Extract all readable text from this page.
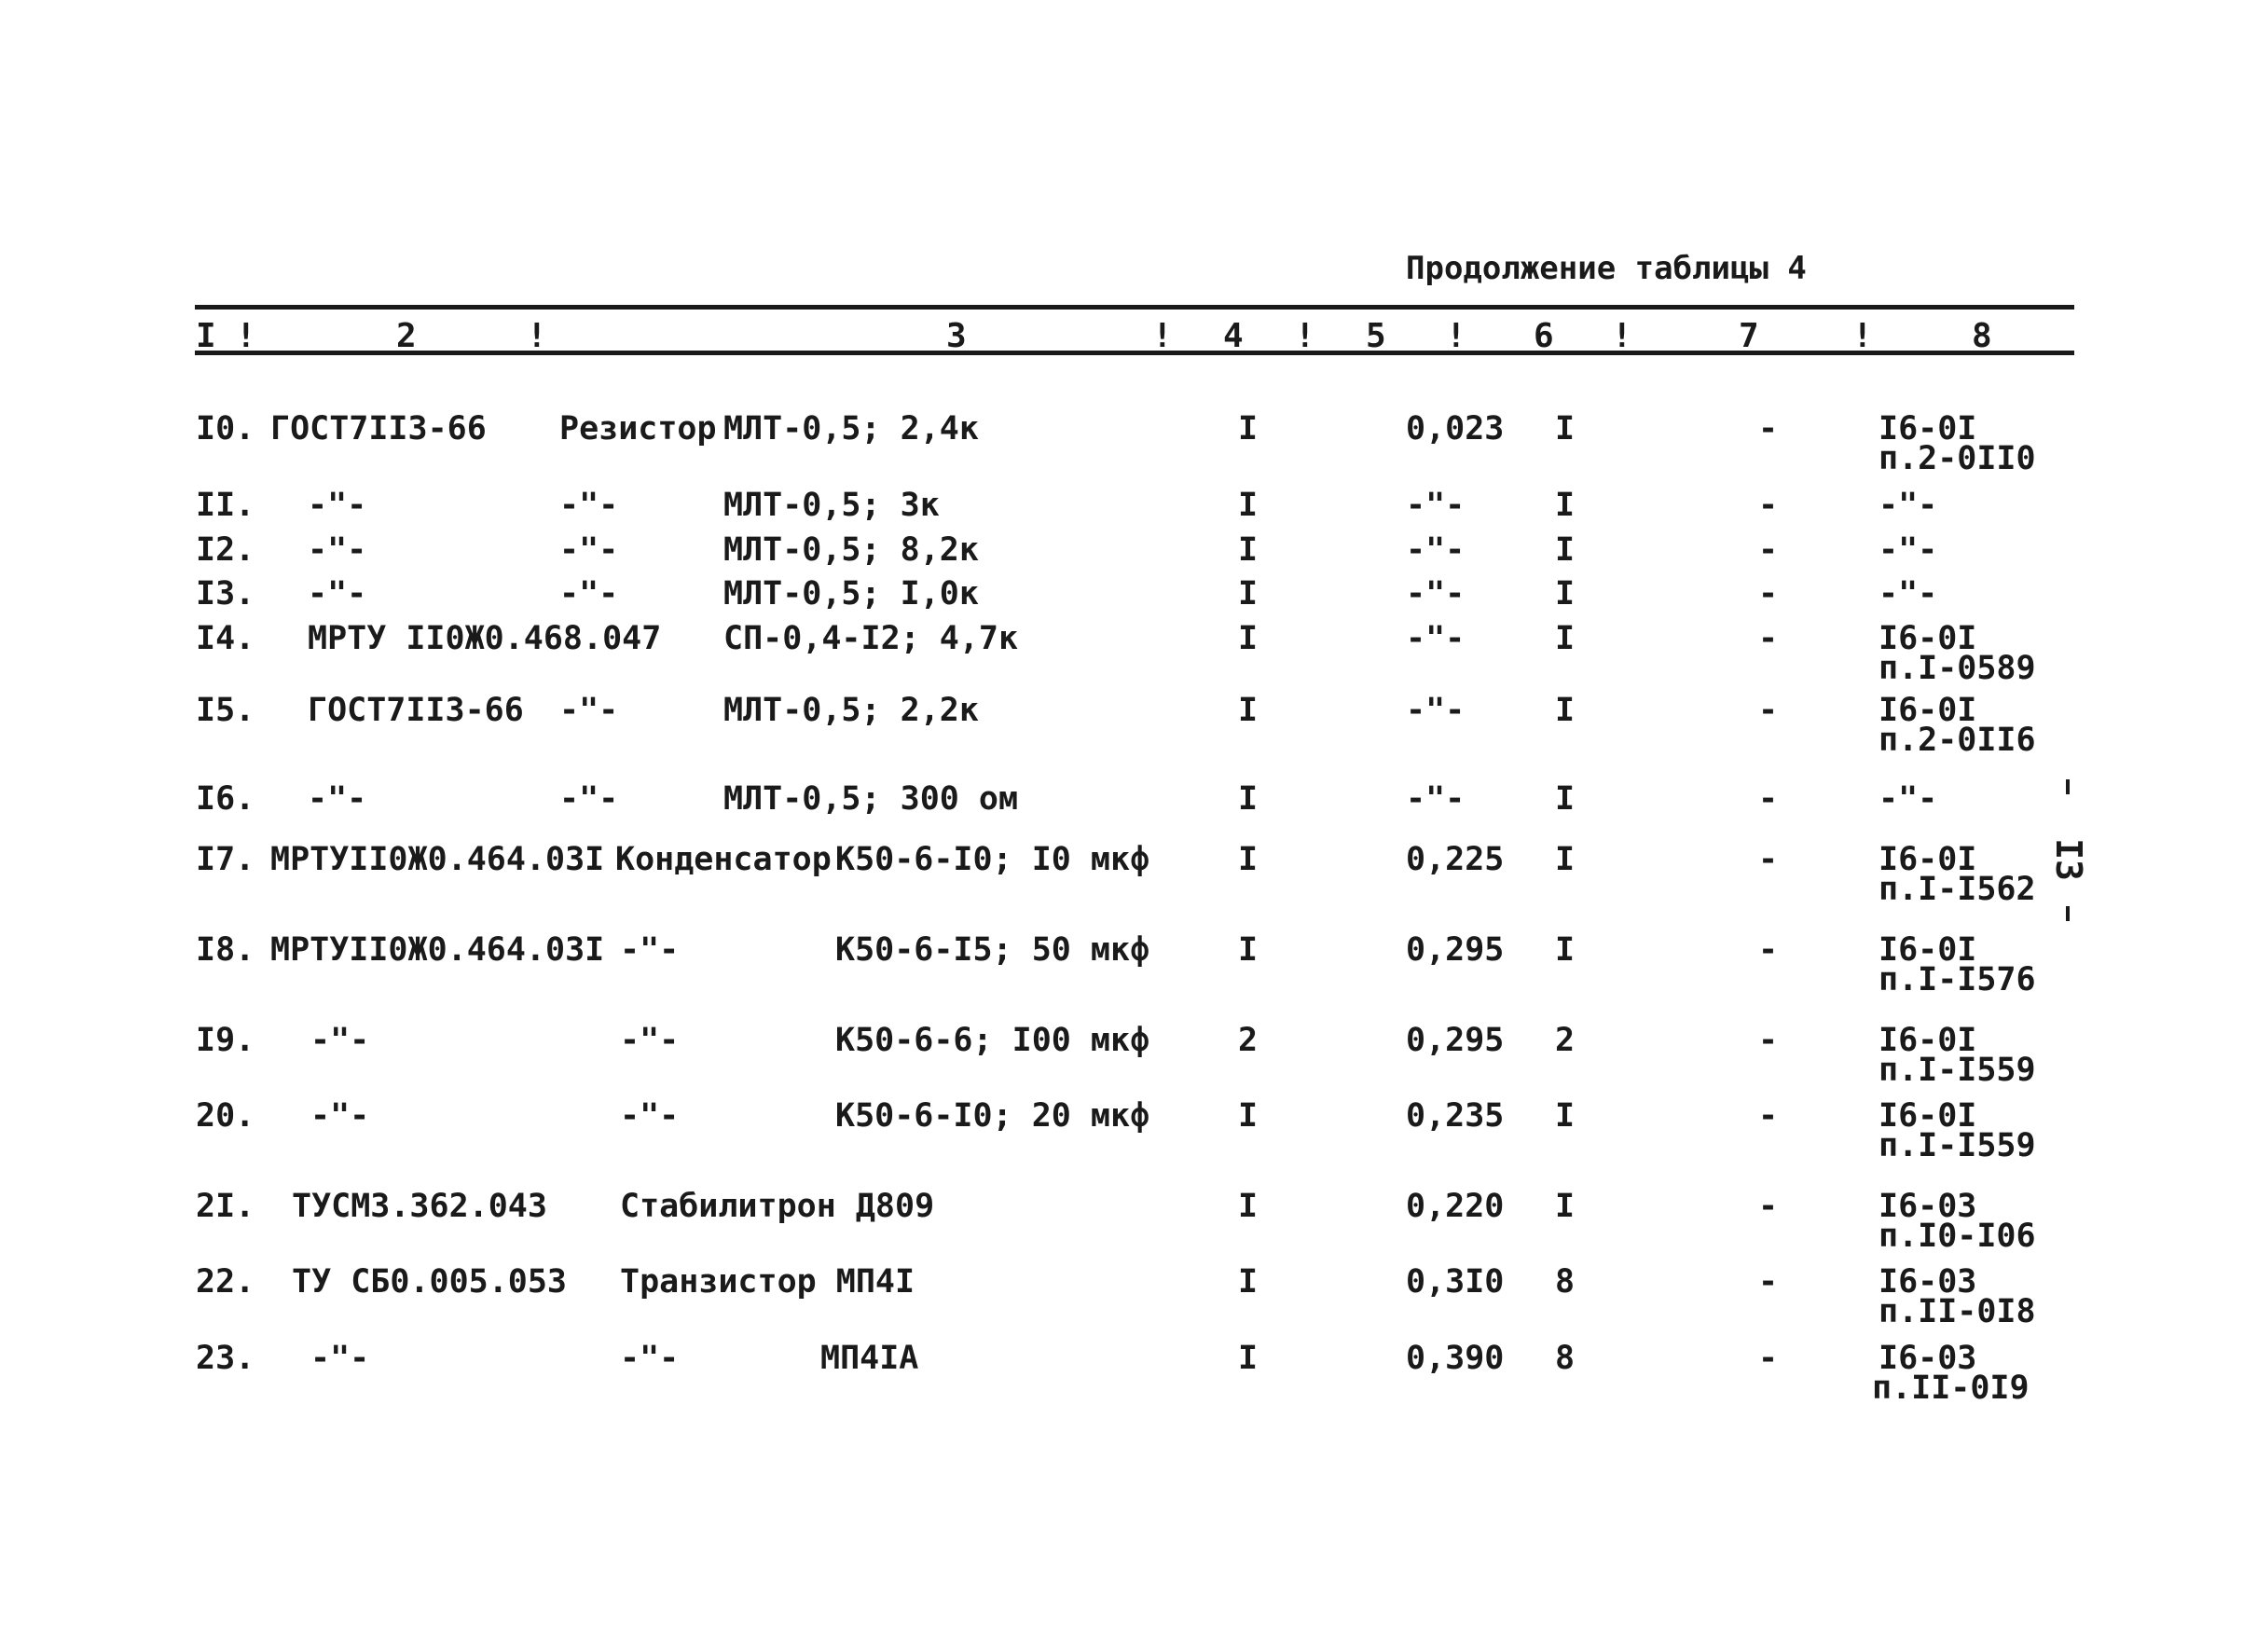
Продолжение таблицы 4
I !	2	!	3	! 4 ! 5 ! 6 !	7	!	8
I0. ГОСТ7II3-66 Резистор МЛТ-0,5; 2,4к	I	0,023 I	-	I6-0I
п.2-0II0
II. -"-	-"-	МЛТ-0,5; 3к	I	-"-	I	-	-"-
I2. -"-	-"-	МЛТ-0,5; 8,2к	I	-"-	I	-	-"-
I3. -"-	-"-	МЛТ-0,5; I,0к	I	-"-	I	-	-"-
I4. МРТУ II0Ж0.468.047 СП-0,4-I2; 4,7к	I	-"-	I	-	I6-0I
п.I-0589
I5. ГОСТ7II3-66 -"-	МЛТ-0,5; 2,2к	I	-"-	I	-	I6-0I
п.2-0II6
I6. -"-	-"-	МЛТ-0,5; 300 ом	I	-"-	I	-	-"-
I7. МРТУII0Ж0.464.03I Конденсатор К50-6-I0; I0 мкф	I	0,225 I	-	I6-0I
п.I-I562
I8. МРТУII0Ж0.464.03I -"-	К50-6-I5; 50 мкф	I	0,295 I	-	I6-0I
п.I-I576
I9. -"-	-"-	К50-6-6; I00 мкф	2	0,295 2	-	I6-0I
п.I-I559
20. -"-	-"-	К50-6-I0; 20 мкф	I	0,235 I	-	I6-0I
п.I-I559
2I. ТУСМ3.362.043 Стабилитрон Д809	I	0,220 I	-	I6-03
п.I0-I06
22. ТУ СБ0.005.053 Транзистор МП4I	I	0,3I0 8	-	I6-03
п.II-0I8
23. -"-	-"-	МП4IА	I	0,390 8	-	I6-03
п.II-0I9
I3
